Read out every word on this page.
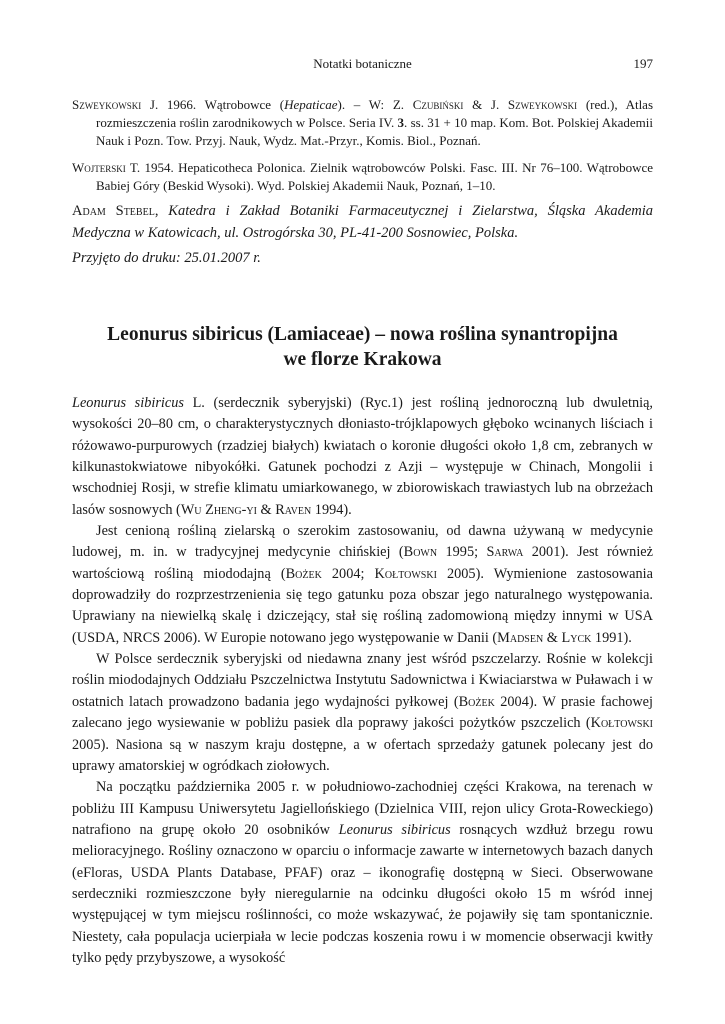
Notatki botaniczne	197
Szweykowski J. 1966. Wątrobowce (Hepaticae). – W: Z. Czubiński & J. Szweykowski (red.), Atlas rozmieszczenia roślin zarodnikowych w Polsce. Seria IV. 3. ss. 31 + 10 map. Kom. Bot. Polskiej Akademii Nauk i Pozn. Tow. Przyj. Nauk, Wydz. Mat.-Przyr., Komis. Biol., Poznań.
Wojterski T. 1954. Hepaticotheca Polonica. Zielnik wątrobowców Polski. Fasc. III. Nr 76–100. Wątrobowce Babiej Góry (Beskid Wysoki). Wyd. Polskiej Akademii Nauk, Poznań, 1–10.
Adam Stebel, Katedra i Zakład Botaniki Farmaceutycznej i Zielarstwa, Śląska Akademia Medyczna w Katowicach, ul. Ostrogórska 30, PL-41-200 Sosnowiec, Polska.
Przyjęto do druku: 25.01.2007 r.
Leonurus sibiricus (Lamiaceae) – nowa roślina synantropijna
we florze Krakowa

Leonurus sibiricus L. (serdecznik syberyjski) (Ryc.1) jest rośliną jednoroczną lub dwuletnią, wysokości 20–80 cm, o charakterystycznych dłoniasto-trójklapowych głęboko wcinanych liściach i różowawo-purpurowych (rzadziej białych) kwiatach o koronie długości około 1,8 cm, zebranych w kilkunastokwiatowe nibyokółki. Gatunek pochodzi z Azji – występuje w Chinach, Mongolii i wschodniej Rosji, w strefie klimatu umiarkowanego, w zbiorowiskach trawiastych lub na obrzeżach lasów sosnowych (Wu Zheng-yi & Raven 1994).

Jest cenioną rośliną zielarską o szerokim zastosowaniu, od dawna używaną w medycynie ludowej, m. in. w tradycyjnej medycynie chińskiej (Bown 1995; Sarwa 2001). Jest również wartościową rośliną miododajną (Bożek 2004; Kołtowski 2005). Wymienione zastosowania doprowadziły do rozprzestrzenienia się tego gatunku poza obszar jego naturalnego występowania. Uprawiany na niewielką skalę i dziczejący, stał się rośliną zadomowioną między innymi w USA (USDA, NRCS 2006). W Europie notowano jego występowanie w Danii (Madsen & Lyck 1991).

W Polsce serdecznik syberyjski od niedawna znany jest wśród pszczelarzy. Rośnie w kolekcji roślin miododajnych Oddziału Pszczelnictwa Instytutu Sadownictwa i Kwiaciarstwa w Puławach i w ostatnich latach prowadzono badania jego wydajności pyłkowej (Bożek 2004). W prasie fachowej zalecano jego wysiewanie w pobliżu pasiek dla poprawy jakości pożytków pszczelich (Kołtowski 2005). Nasiona są w naszym kraju dostępne, a w ofertach sprzedaży gatunek polecany jest do uprawy amatorskiej w ogródkach ziołowych.

Na początku października 2005 r. w południowo-zachodniej części Krakowa, na terenach w pobliżu III Kampusu Uniwersytetu Jagiellońskiego (Dzielnica VIII, rejon ulicy Grota-Roweckiego) natrafiono na grupę około 20 osobników Leonurus sibiricus rosnących wzdłuż brzegu rowu melioracyjnego. Rośliny oznaczono w oparciu o informacje zawarte w internetowych bazach danych (eFloras, USDA Plants Database, PFAF) oraz – ikonografię dostępną w Sieci. Obserwowane serdeczniki rozmieszczone były nieregularnie na odcinku długości około 15 m wśród innej występującej w tym miejscu roślinności, co może wskazywać, że pojawiły się tam spontanicznie. Niestety, cała populacja ucierpiała w lecie podczas koszenia rowu i w momencie obserwacji kwitły tylko pędy przybyszowe, a wysokość
